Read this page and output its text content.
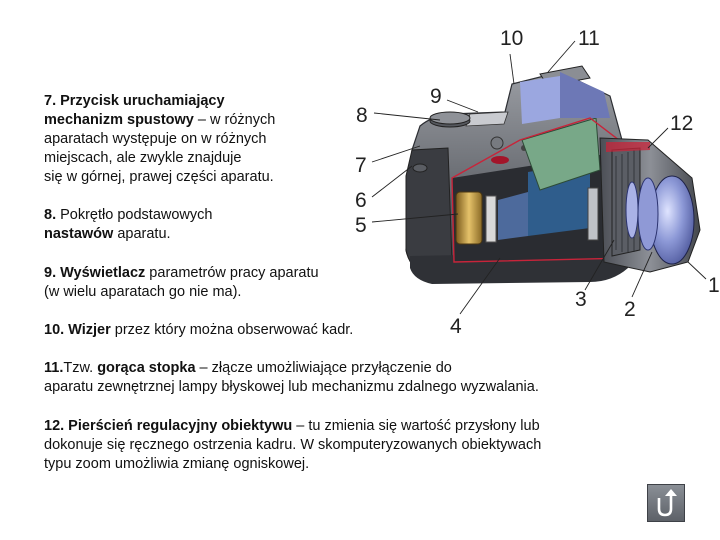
1
2
3
4
5
6
7
8
9
10	11
12
7. Przycisk uruchamiający
mechanizm spustowy – w różnych
aparatach występuje on w różnych
miejscach, ale zwykle znajduje
się w górnej, prawej części aparatu.
8. Pokrętło podstawowych
nastawów aparatu.
9. Wyświetlacz parametrów pracy aparatu
(w wielu aparatach go nie ma).
10. Wizjer przez który można obserwować kadr.
11.Tzw. gorąca stopka – złącze umożliwiające przyłączenie do
aparatu zewnętrznej lampy błyskowej lub mechanizmu zdalnego wyzwalania.
12. Pierścień regulacyjny obiektywu – tu zmienia się wartość przysłony lub
dokonuje się ręcznego ostrzenia kadru. W skomputeryzowanych obiektywach
typu zoom umożliwia zmianę ogniskowej.
